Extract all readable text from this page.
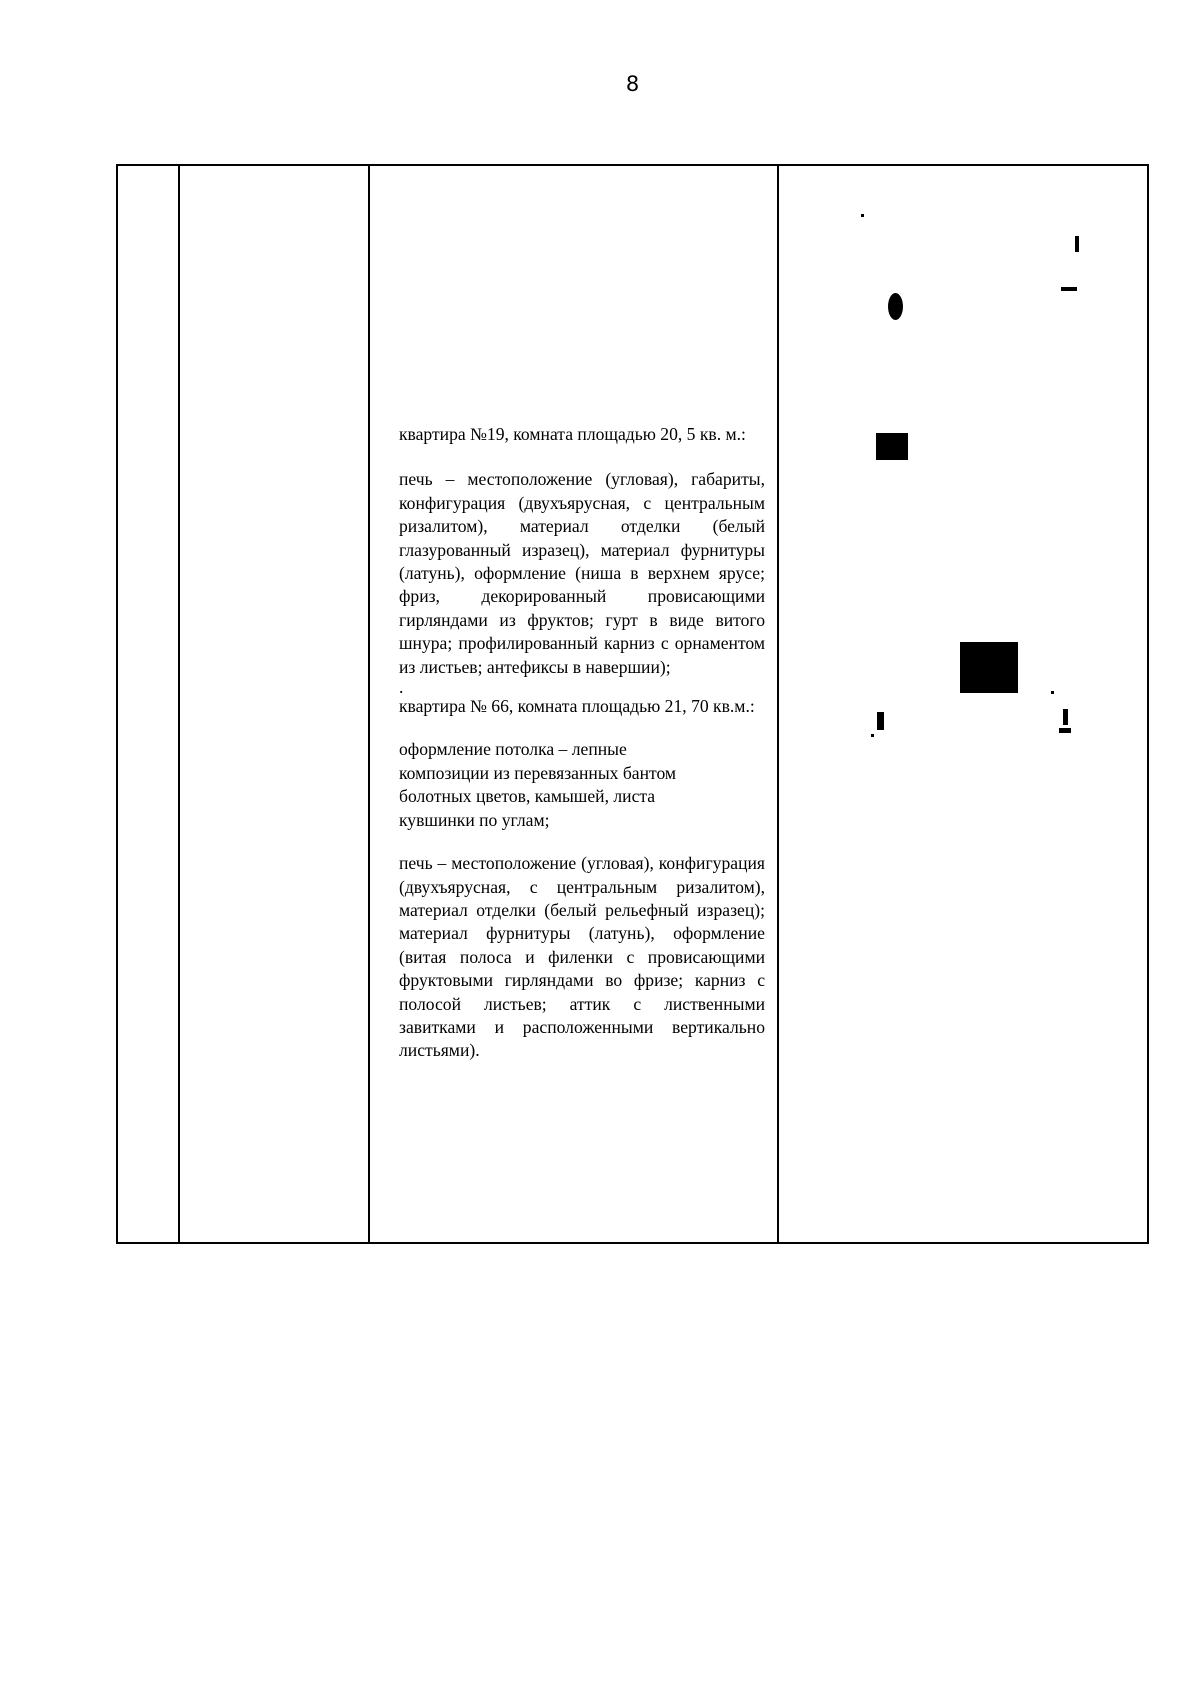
8

квартира №19, комната площадью 20, 5 кв. м.:

печь – местоположение (угловая), габариты, конфигурация (двухъярусная, с центральным ризалитом), материал отделки (белый глазурованный изразец), материал фурнитуры (латунь), оформление (ниша в верхнем ярусе; фриз, декорированный провисающими гирляндами из фруктов; гурт в виде витого шнура; профилированный карниз с орнаментом из листьев; антефиксы в навершии);

.

квартира № 66, комната площадью 21, 70 кв.м.:

оформление потолка – лепные композиции из перевязанных бантом болотных цветов, камышей, листа кувшинки по углам;

печь – местоположение (угловая), конфигурация (двухъярусная, с центральным ризалитом), материал отделки (белый рельефный изразец); материал фурнитуры (латунь), оформление (витая полоса и филенки с провисающими фруктовыми гирляндами во фризе; карниз с полосой листьев; аттик с лиственными завитками и расположенными вертикально листьями).
